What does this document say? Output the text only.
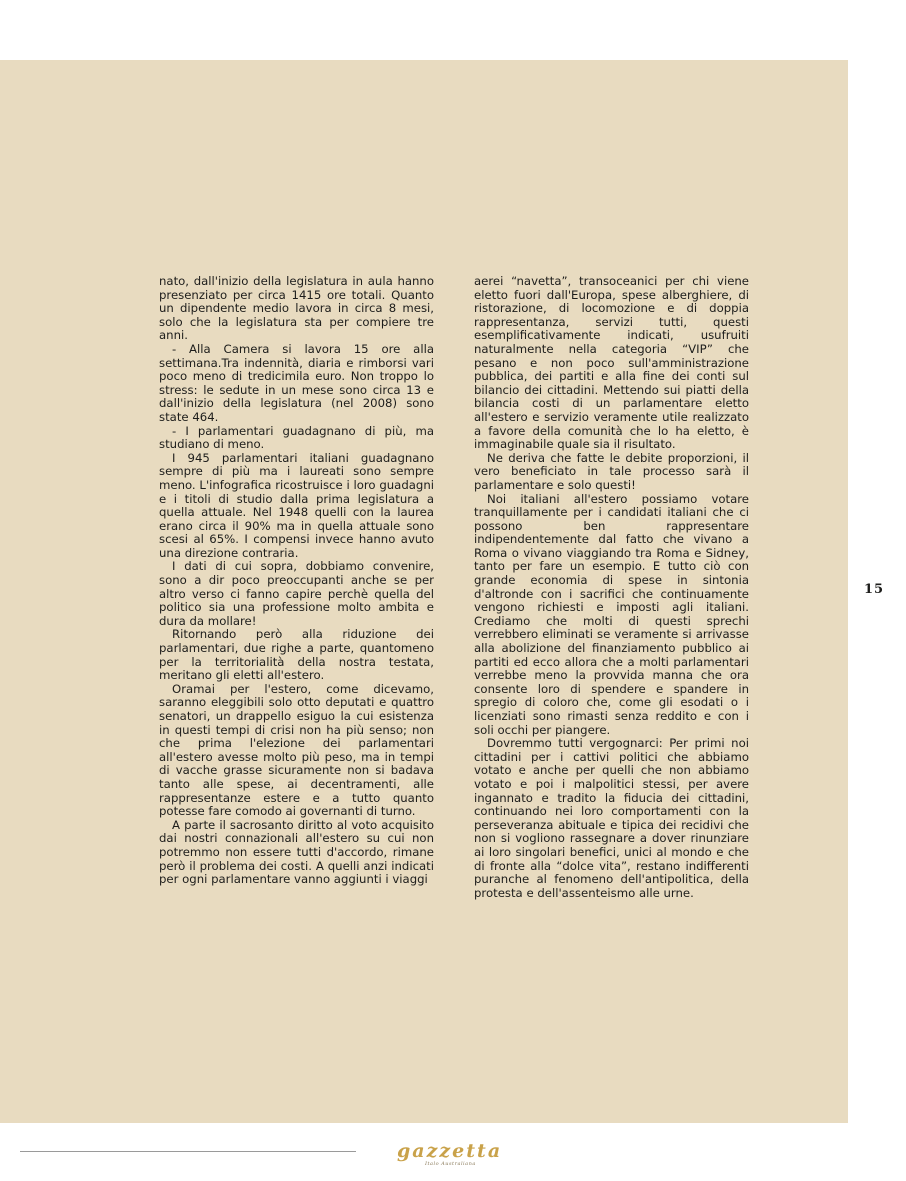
nato, dall'inizio della legislatura in aula hanno presenziato per circa 1415 ore totali. Quanto un dipendente medio lavora in circa 8 mesi, solo che la legislatura sta per compiere tre anni.

- Alla Camera si lavora 15 ore alla settimana.Tra indennità, diaria e rimborsi vari poco meno di tredicimila euro. Non troppo lo stress: le sedute in un mese sono circa 13 e dall'inizio della legislatura (nel 2008) sono state 464.

- I parlamentari guadagnano di più, ma studiano di meno.

I 945 parlamentari italiani guadagnano sempre di più ma i laureati sono sempre meno. L'infografica ricostruisce i loro guadagni e i titoli di studio dalla prima legislatura a quella attuale. Nel 1948 quelli con la laurea erano circa il 90% ma in quella attuale sono scesi al 65%. I compensi invece hanno avuto una direzione contraria.

I dati di cui sopra, dobbiamo convenire, sono a dir poco preoccupanti anche se per altro verso ci fanno capire perchè quella del politico sia una professione molto ambita e dura da mollare!

Ritornando però alla riduzione dei parlamentari, due righe a parte, quantomeno per la territorialità della nostra testata, meritano gli eletti all'estero.

Oramai per l'estero, come dicevamo, saranno eleggibili solo otto deputati e quattro senatori, un drappello esiguo la cui esistenza in questi tempi di crisi non ha più senso; non che prima l'elezione dei parlamentari all'estero avesse molto più peso, ma in tempi di vacche grasse sicuramente non si badava tanto alle spese, ai decentramenti, alle rappresentanze estere e a tutto quanto potesse fare comodo ai governanti di turno.

A parte il sacrosanto diritto al voto acquisito dai nostri connazionali all'estero su cui non potremmo non essere tutti d'accordo, rimane però il problema dei costi. A quelli anzi indicati per ogni parlamentare vanno aggiunti i viaggi

aerei “navetta”, transoceanici per chi viene eletto fuori dall'Europa, spese alberghiere, di ristorazione, di locomozione e di doppia rappresentanza, servizi tutti, questi esemplificativamente indicati, usufruiti naturalmente nella categoria “VIP” che pesano e non poco sull'amministrazione pubblica, dei partiti e alla fine dei conti sul bilancio dei cittadini. Mettendo sui piatti della bilancia costi di un parlamentare eletto all'estero e servizio veramente utile realizzato a favore della comunità che lo ha eletto, è immaginabile quale sia il risultato.

Ne deriva che fatte le debite proporzioni, il vero beneficiato in tale processo sarà il parlamentare e solo questi!

Noi italiani all'estero possiamo votare tranquillamente per i candidati italiani che ci possono ben rappresentare indipendentemente dal fatto che vivano a Roma o vivano viaggiando tra Roma e Sidney, tanto per fare un esempio. E tutto ciò con grande economia di spese in sintonia d'altronde con i sacrifici che continuamente vengono richiesti e imposti agli italiani. Crediamo che molti di questi sprechi verrebbero eliminati se veramente si arrivasse alla abolizione del finanziamento pubblico ai partiti ed ecco allora che a molti parlamentari verrebbe meno la provvida manna che ora consente loro di spendere e spandere in spregio di coloro che, come gli esodati o i licenziati sono rimasti senza reddito e con i soli occhi per piangere.

Dovremmo tutti vergognarci: Per primi noi cittadini per i cattivi politici che abbiamo votato e anche per quelli che non abbiamo votato e poi i malpolitici stessi, per avere ingannato e tradito la fiducia dei cittadini, continuando nei loro comportamenti con la perseveranza abituale e tipica dei recidivi che non si vogliono rassegnare a dover rinunziare ai loro singolari benefici, unici al mondo e che di fronte alla “dolce vita”, restano indifferenti puranche al fenomeno dell'antipolitica, della protesta e dell'assenteismo alle urne.

15
gazzetta
Italo Australiana
